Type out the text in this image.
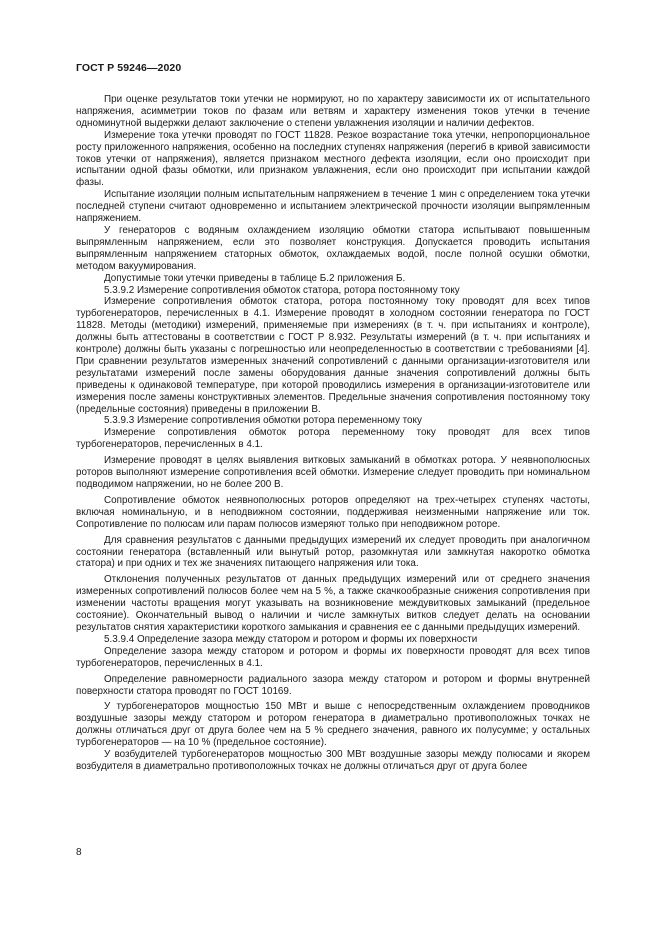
ГОСТ Р 59246—2020

При оценке результатов токи утечки не нормируют, но по характеру зависимости их от испытательного напряжения, асимметрии токов по фазам или ветвям и характеру изменения токов утечки в течение одноминутной выдержки делают заключение о степени увлажнения изоляции и наличии дефектов.

Измерение тока утечки проводят по ГОСТ 11828. Резкое возрастание тока утечки, непропорциональное росту приложенного напряжения, особенно на последних ступенях напряжения (перегиб в кривой зависимости токов утечки от напряжения), является признаком местного дефекта изоляции, если оно происходит при испытании одной фазы обмотки, или признаком увлажнения, если оно происходит при испытании каждой фазы.

Испытание изоляции полным испытательным напряжением в течение 1 мин с определением тока утечки последней ступени считают одновременно и испытанием электрической прочности изоляции выпрямленным напряжением.

У генераторов с водяным охлаждением изоляцию обмотки статора испытывают повышенным выпрямленным напряжением, если это позволяет конструкция. Допускается проводить испытания выпрямленным напряжением статорных обмоток, охлаждаемых водой, после полной осушки обмотки, методом вакуумирования.

Допустимые токи утечки приведены в таблице Б.2 приложения Б.

5.3.9.2 Измерение сопротивления обмоток статора, ротора постоянному току

Измерение сопротивления обмоток статора, ротора постоянному току проводят для всех типов турбогенераторов, перечисленных в 4.1. Измерение проводят в холодном состоянии генератора по ГОСТ 11828. Методы (методики) измерений, применяемые при измерениях (в т. ч. при испытаниях и контроле), должны быть аттестованы в соответствии с ГОСТ Р 8.932. Результаты измерений (в т. ч. при испытаниях и контроле) должны быть указаны с погрешностью или неопределенностью в соответствии с требованиями [4]. При сравнении результатов измеренных значений сопротивлений с данными организации-изготовителя или результатами измерений после замены оборудования данные значения сопротивлений должны быть приведены к одинаковой температуре, при которой проводились измерения в организации-изготовителе или измерения после замены конструктивных элементов. Предельные значения сопротивления постоянному току (предельные состояния) приведены в приложении В.

5.3.9.3 Измерение сопротивления обмотки ротора переменному току

Измерение сопротивления обмоток ротора переменному току проводят для всех типов турбогенераторов, перечисленных в 4.1.

Измерение проводят в целях выявления витковых замыканий в обмотках ротора. У неявнополюсных роторов выполняют измерение сопротивления всей обмотки. Измерение следует проводить при номинальном подводимом напряжении, но не более 200 В.

Сопротивление обмоток неявнополюсных роторов определяют на трех-четырех ступенях частоты, включая номинальную, и в неподвижном состоянии, поддерживая неизменными напряжение или ток. Сопротивление по полюсам или парам полюсов измеряют только при неподвижном роторе.

Для сравнения результатов с данными предыдущих измерений их следует проводить при аналогичном состоянии генератора (вставленный или вынутый ротор, разомкнутая или замкнутая накоротко обмотка статора) и при одних и тех же значениях питающего напряжения или тока.

Отклонения полученных результатов от данных предыдущих измерений или от среднего значения измеренных сопротивлений полюсов более чем на 5 %, а также скачкообразные снижения сопротивления при изменении частоты вращения могут указывать на возникновение междувитковых замыканий (предельное состояние). Окончательный вывод о наличии и числе замкнутых витков следует делать на основании результатов снятия характеристики короткого замыкания и сравнения ее с данными предыдущих измерений.

5.3.9.4 Определение зазора между статором и ротором и формы их поверхности

Определение зазора между статором и ротором и формы их поверхности проводят для всех типов турбогенераторов, перечисленных в 4.1.

Определение равномерности радиального зазора между статором и ротором и формы внутренней поверхности статора проводят по ГОСТ 10169.

У турбогенераторов мощностью 150 МВт и выше с непосредственным охлаждением проводников воздушные зазоры между статором и ротором генератора в диаметрально противоположных точках не должны отличаться друг от друга более чем на 5 % среднего значения, равного их полусумме; у остальных турбогенераторов — на 10 % (предельное состояние).

У возбудителей турбогенераторов мощностью 300 МВт воздушные зазоры между полюсами и якорем возбудителя в диаметрально противоположных точках не должны отличаться друг от друга более

8
